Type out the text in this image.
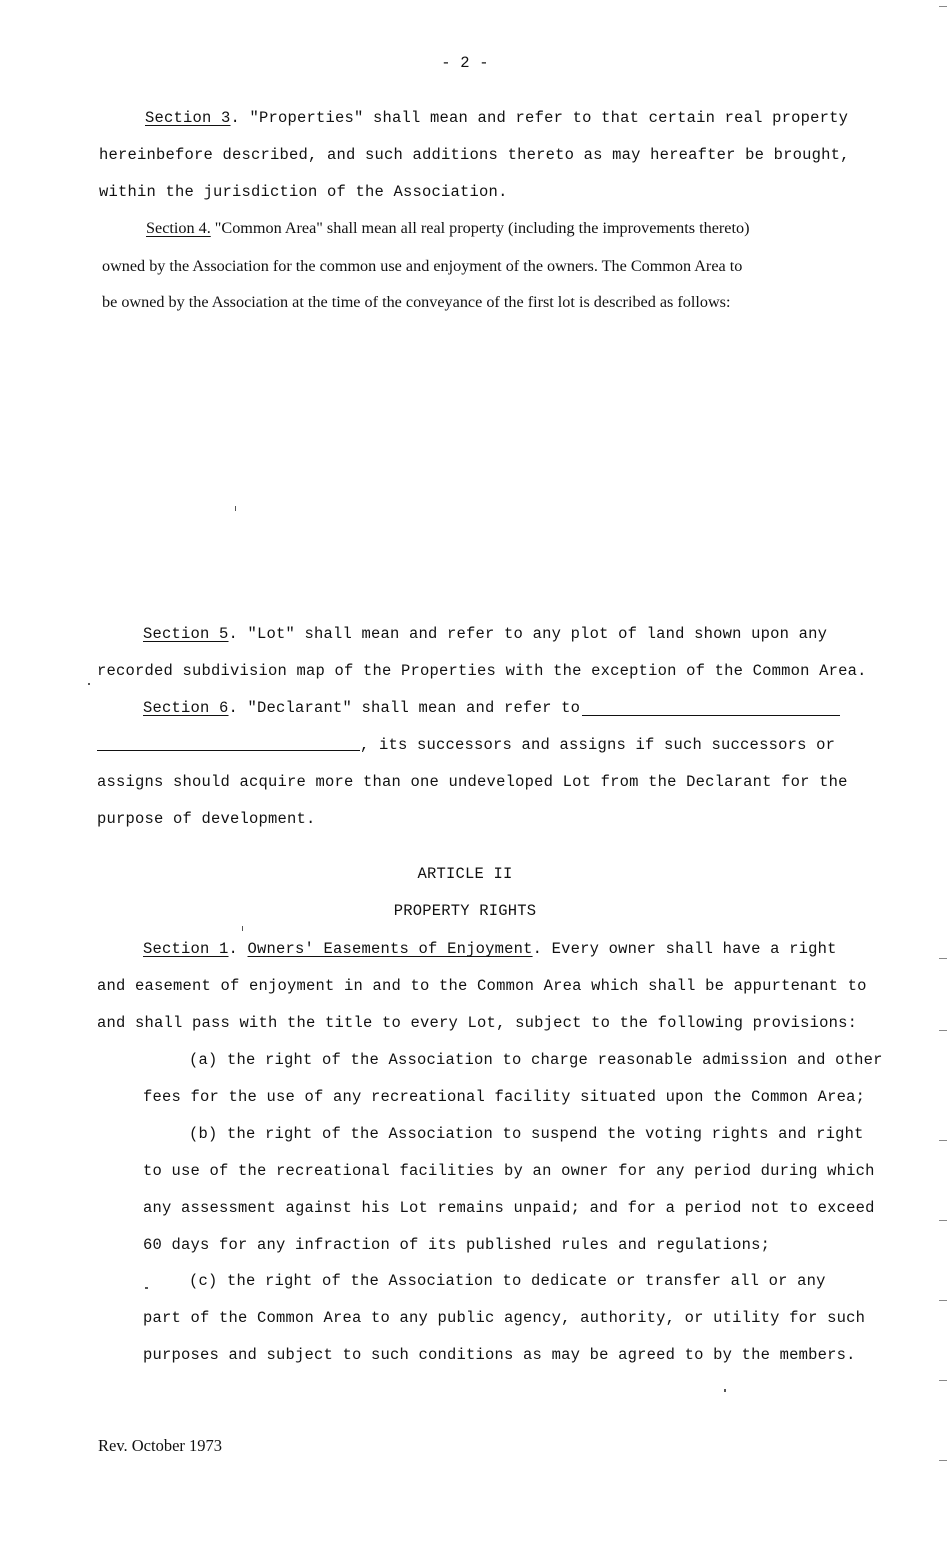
- 2 -
Section 3. "Properties" shall mean and refer to that certain real property
hereinbefore described, and such additions thereto as may hereafter be brought,
within the jurisdiction of the Association.
Section 4. "Common Area" shall mean all real property (including the improvements thereto)
owned by the Association for the common use and enjoyment of the owners. The Common Area to
be owned by the Association at the time of the conveyance of the first lot is described as follows:
Section 5. "Lot" shall mean and refer to any plot of land shown upon any
recorded subdivision map of the Properties with the exception of the Common Area.
Section 6. "Declarant" shall mean and refer to
, its successors and assigns if such successors or
assigns should acquire more than one undeveloped Lot from the Declarant for the
purpose of development.
ARTICLE II
PROPERTY RIGHTS
Section 1. Owners' Easements of Enjoyment. Every owner shall have a right
and easement of enjoyment in and to the Common Area which shall be appurtenant to
and shall pass with the title to every Lot, subject to the following provisions:
(a) the right of the Association to charge reasonable admission and other
fees for the use of any recreational facility situated upon the Common Area;
(b) the right of the Association to suspend the voting rights and right
to use of the recreational facilities by an owner for any period during which
any assessment against his Lot remains unpaid; and for a period not to exceed
60 days for any infraction of its published rules and regulations;
(c) the right of the Association to dedicate or transfer all or any
part of the Common Area to any public agency, authority, or utility for such
purposes and subject to such conditions as may be agreed to by the members.
Rev. October 1973
